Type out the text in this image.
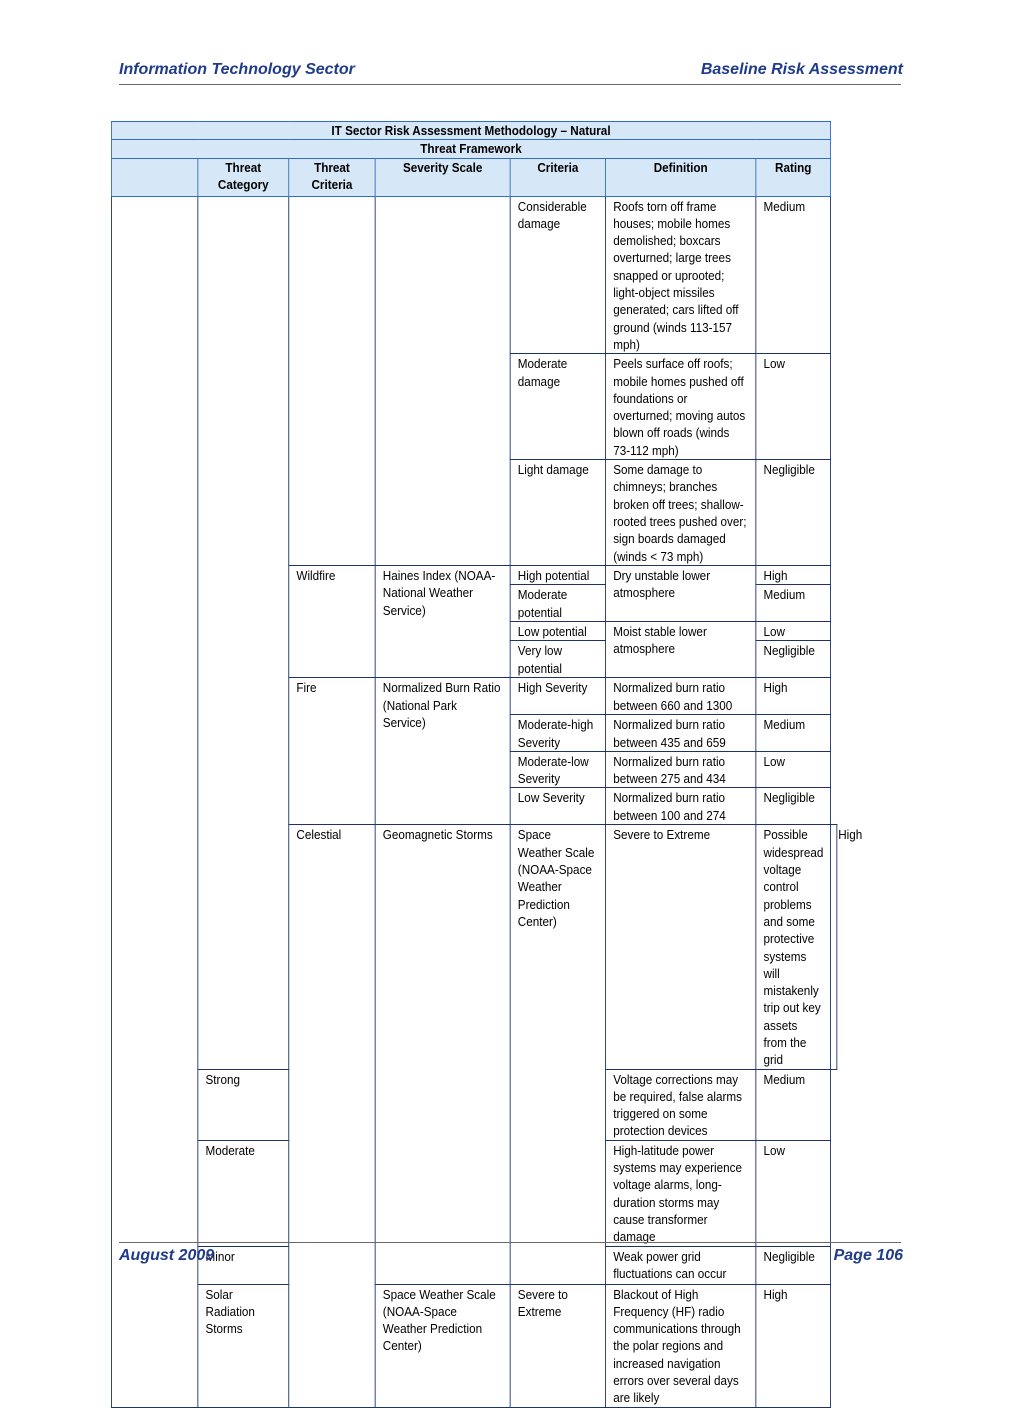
Information Technology Sector	Baseline Risk Assessment
IT Sector Risk Assessment Methodology – Natural							
Threat Framework							
	Threat Category	Threat Criteria	Severity Scale	Criteria	Definition	Rating	
				Considerable damage	Roofs torn off frame houses; mobile homes demolished; boxcars overturned; large trees snapped or uprooted; light-object missiles generated; cars lifted off ground (winds 113-157 mph)	Medium	
				Moderate damage	Peels surface off roofs; mobile homes pushed off foundations or overturned; moving autos blown off roads (winds 73-112 mph)	Low	
				Light damage	Some damage to chimneys; branches broken off trees; shallow-rooted trees pushed over; sign boards damaged (winds < 73 mph)	Negligible	
		Wildfire	Haines Index (NOAA-National Weather Service)	High potential	Dry unstable lower atmosphere	High	
				Moderate potential		Medium	
				Low potential	Moist stable lower atmosphere	Low	
				Very low potential		Negligible	
		Fire	Normalized Burn Ratio (National Park Service)	High Severity	Normalized burn ratio between 660 and 1300	High	
				Moderate-high Severity	Normalized burn ratio between 435 and 659	Medium	
				Moderate-low Severity	Normalized burn ratio between 275 and 434	Low	
				Low Severity	Normalized burn ratio between 100 and 274	Negligible	
		Celestial	Geomagnetic Storms	Space Weather Scale (NOAA-Space Weather Prediction Center)	Severe to Extreme	Possible widespread voltage control problems and some protective systems will mistakenly trip out key assets from the grid	High
	Strong				Voltage corrections may be required, false alarms triggered on some protection devices	Medium	
	Moderate				High-latitude power systems may experience voltage alarms, long-duration storms may cause transformer damage	Low	
	Minor				Weak power grid fluctuations can occur	Negligible	
	Solar Radiation Storms		Space Weather Scale (NOAA-Space Weather Prediction Center)	Severe to Extreme	Blackout of High Frequency (HF) radio communications through the polar regions and increased navigation errors over several days are likely	High	
August 2009	Page 106
